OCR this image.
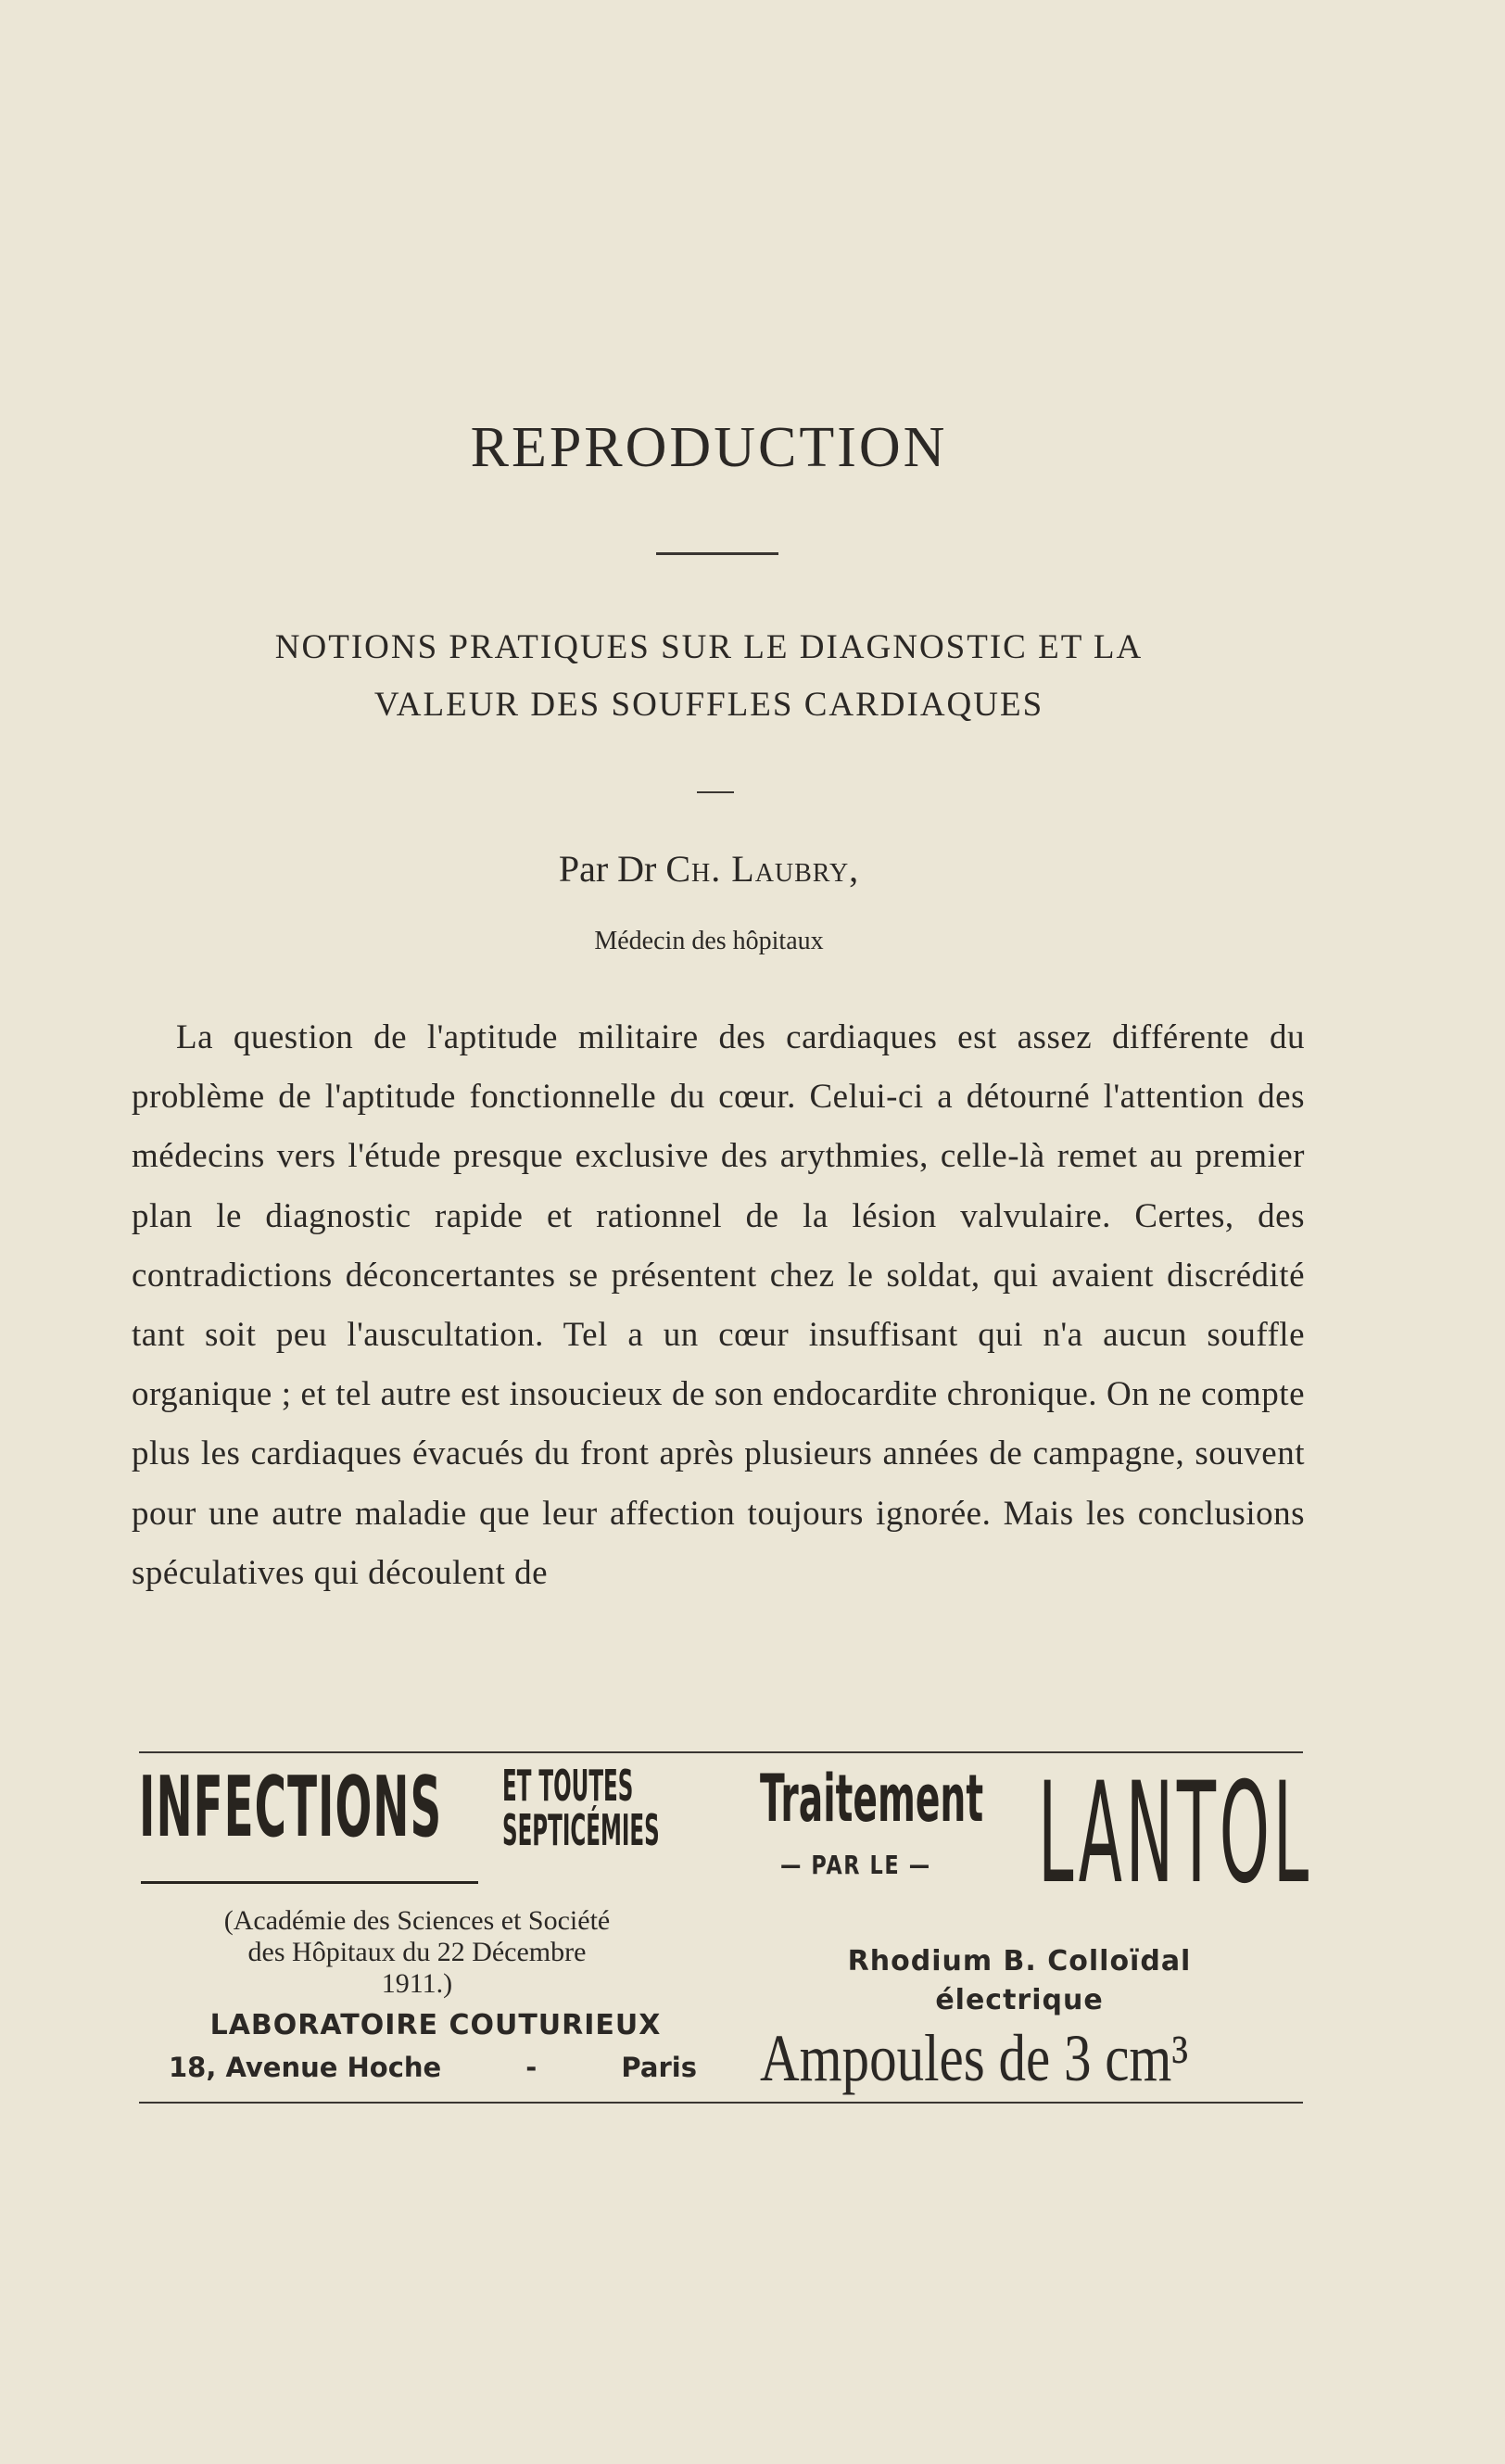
REPRODUCTION
NOTIONS PRATIQUES SUR LE DIAGNOSTIC ET LA
VALEUR DES SOUFFLES CARDIAQUES
Par Dr Ch. Laubry,
Médecin des hôpitaux

La question de l'aptitude militaire des cardiaques est assez différente du problème de l'aptitude fonctionnelle du cœur. Celui-ci a détourné l'attention des médecins vers l'étude presque exclusive des arythmies, celle-là remet au premier plan le diagnostic rapide et rationnel de la lésion valvulaire. Certes, des contradictions déconcertantes se présentent chez le soldat, qui avaient discrédité tant soit peu l'auscultation. Tel a un cœur insuffisant qui n'a aucun souffle organique ; et tel autre est insoucieux de son endocardite chronique. On ne compte plus les cardiaques évacués du front après plusieurs années de campagne, souvent pour une autre maladie que leur affection toujours ignorée. Mais les conclusions spéculatives qui découlent de

INFECTIONS ET TOUTES
SEPTICÉMIES
(Académie des Sciences et Société
des Hôpitaux du 22 Décembre
1911.)
LABORATOIRE COUTURIEUX
18, Avenue Hoche	-	Paris
Traitement
— PAR LE — LANTOL
Rhodium B. Colloïdal
électrique
Ampoules de 3 cm³
